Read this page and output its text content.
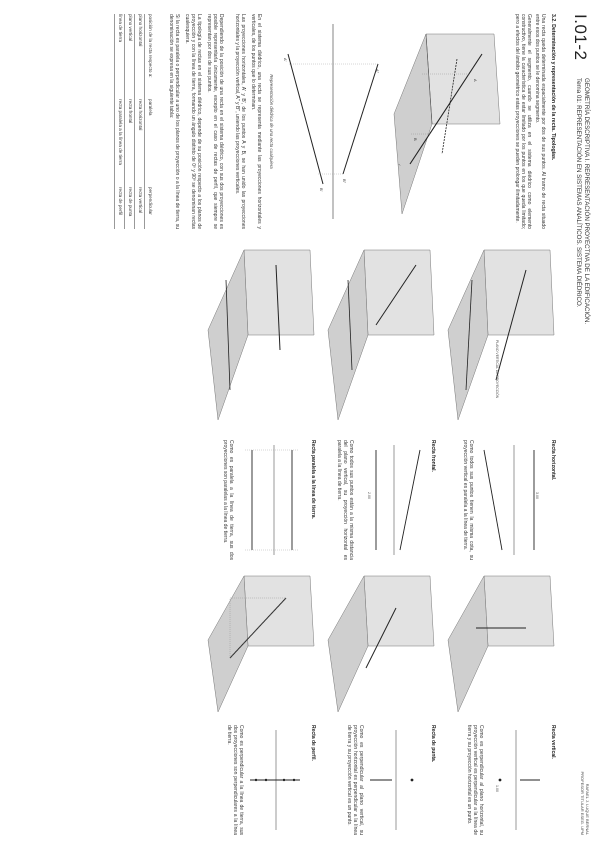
I.01-2
GEOMETRÍA DESCRIPTIVA I. REPRESENTACIÓN PROYECTIVA DE LA EDIFICACIÓN.
Tema 01: REPRESENTACIÓN EN SISTEMAS ANALÍTICOS. SISTEMA DIÉDRICO.
RAFAEL J. LUQUE BERNAL
PROFESOR TITULAR ESEG. UPM
3.2. Determinación y representación de la recta. Tipologías.
Una recta queda determinada espacialmente por dos de sus puntos. Al tramo de recta situado entre esos dos puntos se le denomina segmento.
Generalmente el segmento, cuando se utiliza en el sistema diédrico como elemento constructivo, tiene la característica de estar limitado por los puntos en los que queda limitado; pero a efectos del ámbito geométrico estas proyecciones se pueden prolongar ilimitadamente.
A
B
r'
A''
B''
A'
B'
Representación diédrica de una recta cualquiera
En el sistema diédrico, una recta se representa mediante las proyecciones horizontales y verticales, de los puntos que lo determinan.
Las proyecciones horizontales, A' y B', de los puntos A y B, se han unido las proyecciones horizontales y la proyección vertical, A'' y B'', uniendo las proyecciones verticales.
Dependiendo de la posición de una recta en el sistema diédrico, con sus dos proyecciones es posible representarla únicamente, excepto en el caso de rectas de perfil, que siempre se representan por dos de sus puntos.
La tipología de rectas en el sistema diédrico, depende de su posición respecto a los planos de proyección y con la línea de tierra, formando un ángulo distinto de 0º y 90º se denominan rectas cualesquiera.
Si la recta es paralela o perpendicular a uno de los planos de proyección o a la línea de tierra, su denominación se expresa en la siguiente tabla:
posición de la recta respecto a:	paralela	perpendicular
plano horizontal	recta horizontal	recta vertical
plano vertical	recta frontal	recta de punta
línea de tierra	recta paralela a la línea de tierra	recta de perfil
PLANO VERTICAL DE PROYECCIÓN
Recta horizontal.
3.00
Como todos sus puntos tienen la misma cota, su proyección vertical es paralela a la línea de tierra.
Recta frontal.
2.00
Como todos sus puntos están a la misma distancia del plano vertical, su proyección horizontal es paralela a la línea de tierra.
Recta paralela a la línea de tierra.
Como es paralela a la línea de tierra, sus dos proyecciones son paralelas a la línea de tierra.
Recta vertical.
1.00
Como es perpendicular al plano horizontal, su proyección vertical es perpendicular a la línea de tierra y su proyección horizontal es un punto.
Recta de punta.
Como es perpendicular al plano vertical, su proyección horizontal es perpendicular a la línea de tierra y su proyección vertical es un punto.
Recta de perfil.
Como es perpendicular a la línea de tierra, sus dos proyecciones son perpendiculares a la línea de tierra.
